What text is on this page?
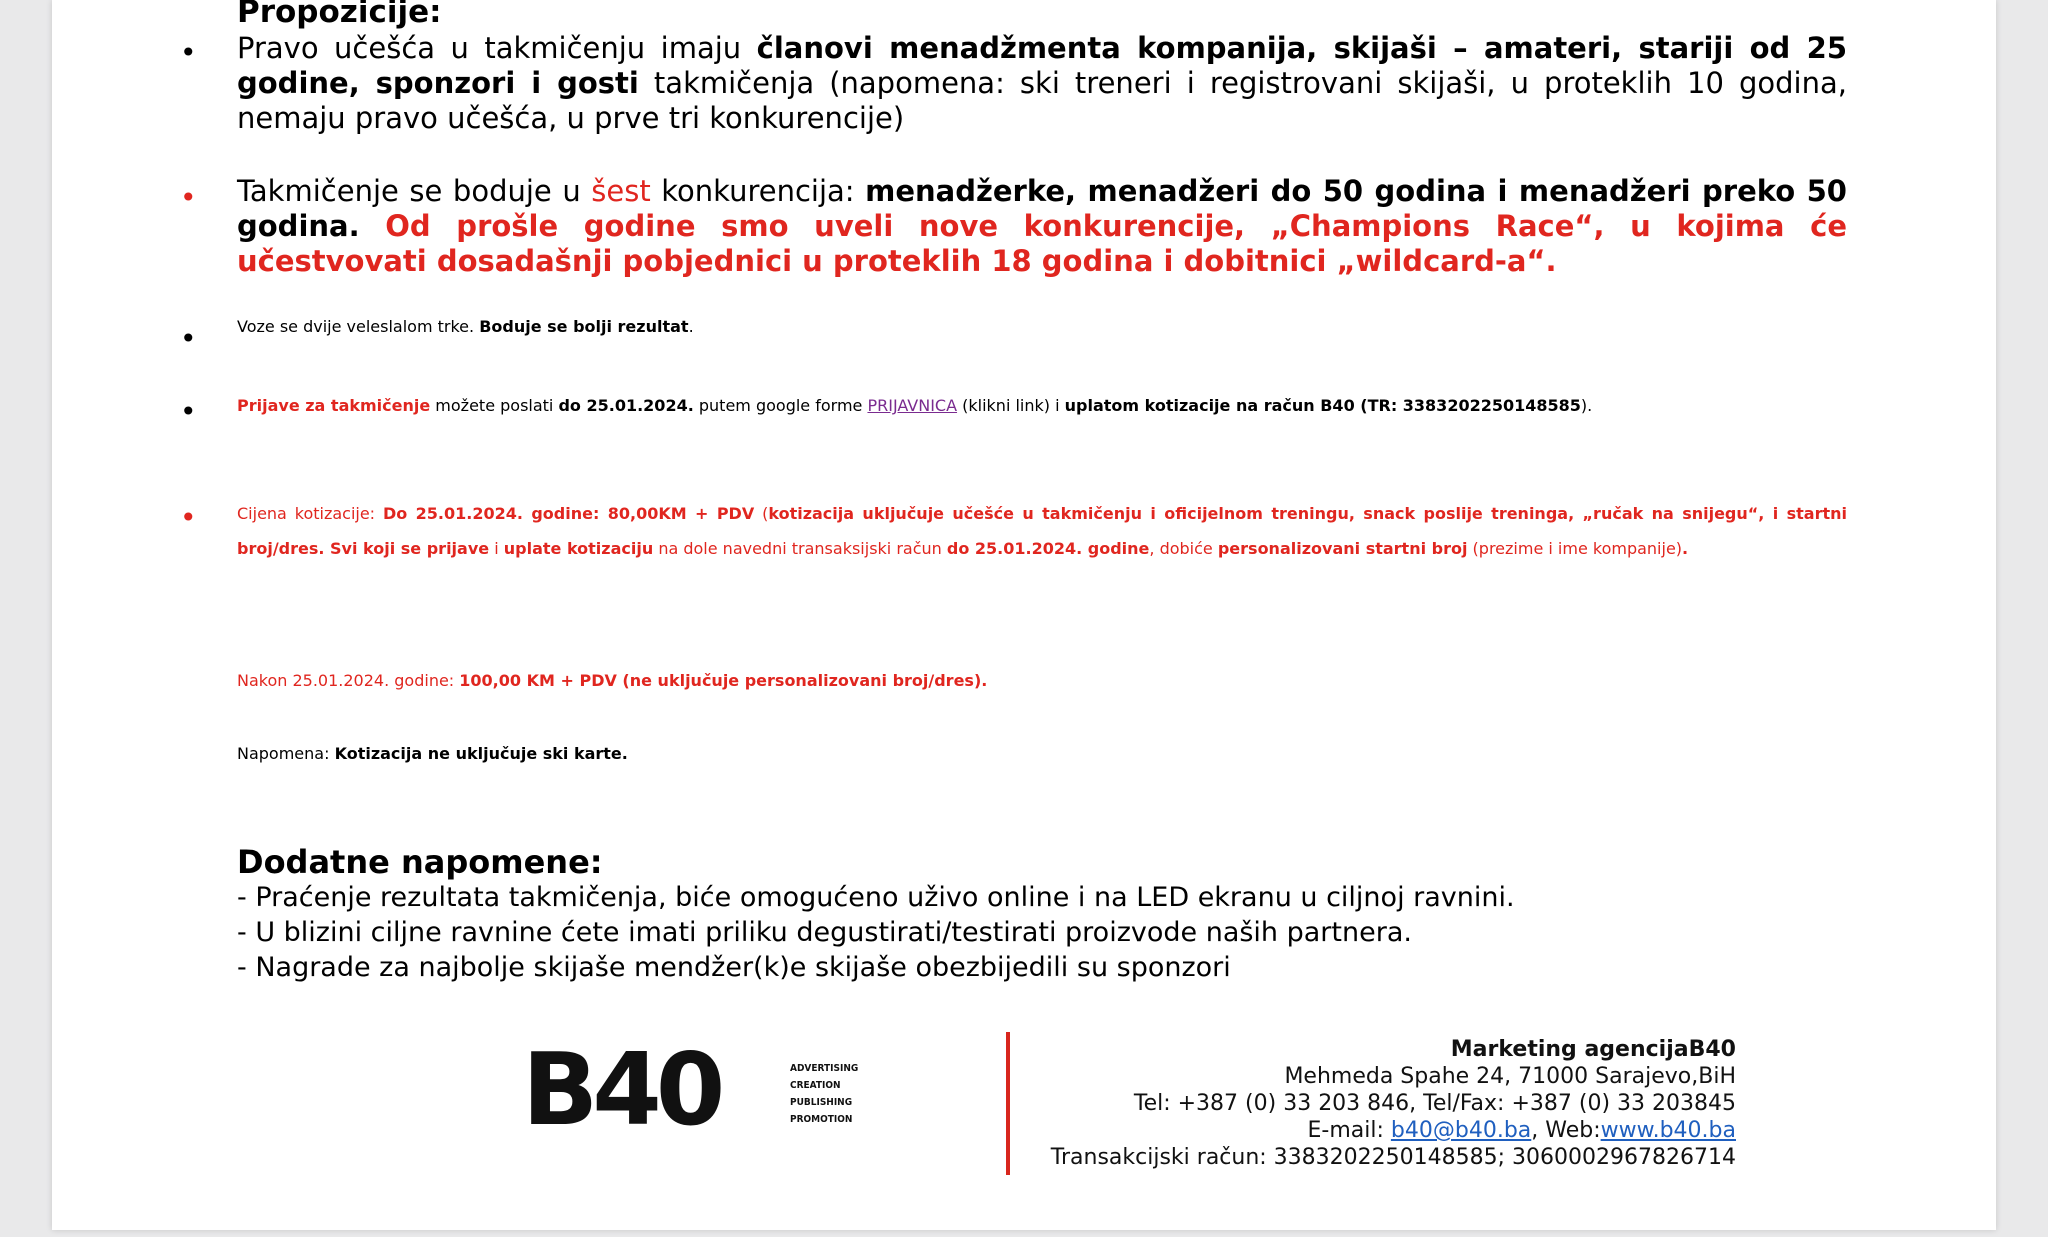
Propozicije:
•	Pravo učešća u takmičenju imaju članovi menadžmenta kompanija, skijaši – amateri, stariji od 25 godine, sponzori i gosti takmičenja (napomena: ski treneri i registrovani skijaši, u proteklih 10 godina, nemaju pravo učešća, u prve tri konkurencije)
•	Takmičenje se boduje u šest konkurencija: menadžerke, menadžeri do 50 godina i menadžeri preko 50 godina. Od prošle godine smo uveli nove konkurencije, „Champions Race“, u kojima će učestvovati dosadašnji pobjednici u proteklih 18 godina i dobitnici „wildcard-a“.
•	Voze se dvije veleslalom trke. Boduje se bolji rezultat.
•	Prijave za takmičenje možete poslati do 25.01.2024. putem google forme PRIJAVNICA (klikni link) i uplatom kotizacije na račun B40 (TR: 3383202250148585).
•	Cijena kotizacije: Do 25.01.2024. godine: 80,00KM + PDV (kotizacija uključuje učešće u takmičenju i oficijelnom treningu, snack poslije treninga, „ručak na snijegu“, i startni broj/dres. Svi koji se prijave i uplate kotizaciju na dole navedni transaksijski račun do 25.01.2024. godine, dobiće personalizovani startni broj (prezime i ime kompanije).
Nakon 25.01.2024. godine: 100,00 KM + PDV (ne uključuje personalizovani broj/dres).
Napomena: Kotizacija ne uključuje ski karte.
Dodatne napomene:
- Praćenje rezultata takmičenja, biće omogućeno uživo online i na LED ekranu u ciljnoj ravnini.
- U blizini ciljne ravnine ćete imati priliku degustirati/testirati proizvode naših partnera.
- Nagrade za najbolje skijaše mendžer(k)e skijaše obezbijedili su sponzori
B40	ADVERTISING
CREATION
PUBLISHING
PROMOTION
Marketing agencijaB40
Mehmeda Spahe 24, 71000 Sarajevo,BiH
Tel: +387 (0) 33 203 846, Tel/Fax: +387 (0) 33 203845
E-mail: b40@b40.ba, Web:www.b40.ba
Transakcijski račun: 3383202250148585; 3060002967826714
